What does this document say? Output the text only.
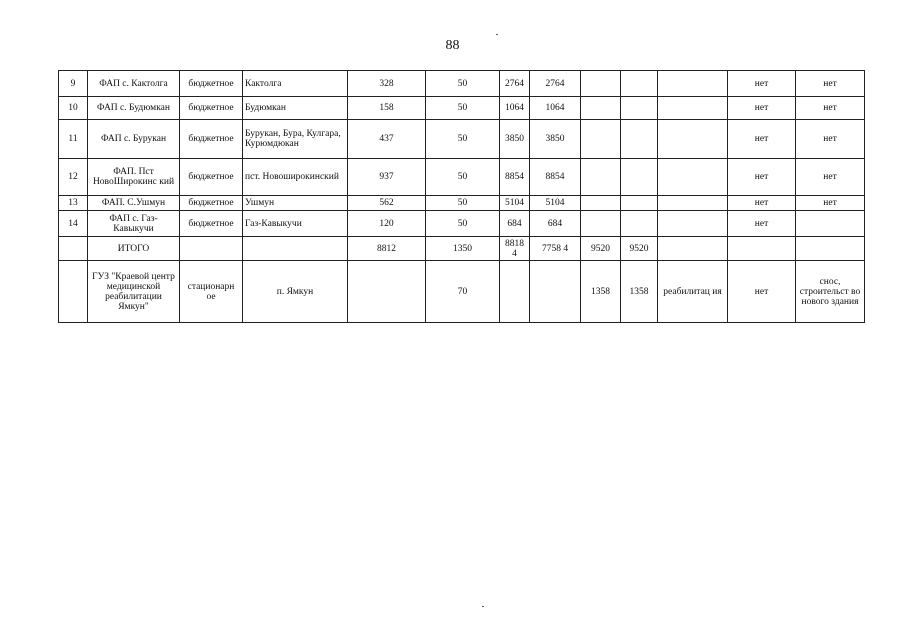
88
9	ФАП с. Кактолга	бюджетное	Кактолга	328	50	2764	2764				нет	нет
10	ФАП с. Будюмкан	бюджетное	Будюмкан	158	50	1064	1064				нет	нет
11	ФАП с. Бурукан	бюджетное	Бурукан, Бура, Кулгара, Курюмдюкан	437	50	3850	3850				нет	нет
12	ФАП. Пст НовоШирокинс кий	бюджетное	пст. Новоширокинский	937	50	8854	8854				нет	нет
13	ФАП. С.Ушмун	бюджетное	Ушмун	562	50	5104	5104				нет	нет
14	ФАП с. Газ-Кавыкучи	бюджетное	Газ-Кавыкучи	120	50	684	684				нет	
	ИТОГО			8812	1350	8818 4	7758 4	9520	9520			
	ГУЗ "Краевой центр медицинской реабилитации Ямкун"	стационарн ое	п. Ямкун		70			1358	1358	реабилитац ия	нет	снос, строительст во нового здания
